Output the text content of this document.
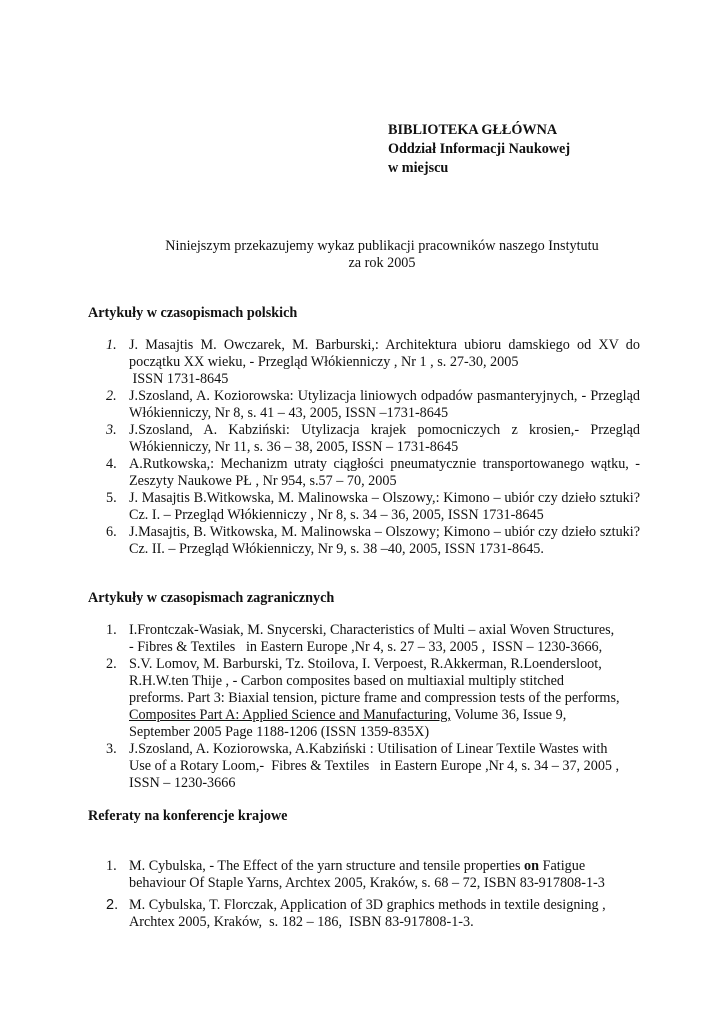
BIBLIOTEKA GŁŁÓWNA
Oddział Informacji Naukowej
w miejscu
Niniejszym przekazujemy wykaz publikacji pracowników naszego Instytutu
za rok 2005
Artykuły w czasopismach polskich
1. J. Masajtis M. Owczarek, M. Barburski,: Architektura ubioru damskiego od XV do początku XX wieku, - Przegląd Włókienniczy , Nr 1 , s. 27-30, 2005
ISSN 1731-8645
2. J.Szosland, A. Koziorowska: Utylizacja liniowych odpadów pasmanteryjnych, - Przegląd Włókienniczy, Nr 8, s. 41 – 43, 2005, ISSN –1731-8645
3. J.Szosland, A. Kabziński: Utylizacja krajek pomocniczych z krosien,- Przegląd Włókienniczy, Nr 11, s. 36 – 38, 2005, ISSN – 1731-8645
4. A.Rutkowska,: Mechanizm utraty ciągłości pneumatycznie transportowanego wątku, - Zeszyty Naukowe PŁ , Nr 954, s.57 – 70, 2005
5. J. Masajtis B.Witkowska, M. Malinowska – Olszowy,: Kimono – ubiór czy dzieło sztuki? Cz. I. – Przegląd Włókienniczy , Nr 8, s. 34 – 36, 2005, ISSN 1731-8645
6. J.Masajtis, B. Witkowska, M. Malinowska – Olszowy; Kimono – ubiór czy dzieło sztuki? Cz. II. – Przegląd Włókienniczy, Nr 9, s. 38 –40, 2005, ISSN 1731-8645.
Artykuły w czasopismach zagranicznych
1. I.Frontczak-Wasiak, M. Snycerski, Characteristics of Multi – axial Woven Structures,
- Fibres & Textiles   in Eastern Europe ,Nr 4, s. 27 – 33, 2005 ,  ISSN – 1230-3666,
2. S.V. Lomov, M. Barburski, Tz. Stoilova, I. Verpoest, R.Akkerman, R.Loendersloot,
R.H.W.ten Thije , - Carbon composites based on multiaxial multiply stitched
preforms. Part 3: Biaxial tension, picture frame and compression tests of the performs,
Composites Part A: Applied Science and Manufacturing, Volume 36, Issue 9,
September 2005 Page 1188-1206 (ISSN 1359-835X)
3. J.Szosland, A. Koziorowska, A.Kabziński : Utilisation of Linear Textile Wastes with
Use of a Rotary Loom,-  Fibres & Textiles   in Eastern Europe ,Nr 4, s. 34 – 37, 2005 ,
ISSN – 1230-3666
Referaty na konferencje krajowe
1. M. Cybulska, - The Effect of the yarn structure and tensile properties on Fatigue
behaviour Of Staple Yarns, Archtex 2005, Kraków, s. 68 – 72, ISBN 83-917808-1-3
2. M. Cybulska, T. Florczak, Application of 3D graphics methods in textile designing ,
Archtex 2005, Kraków,  s. 182 – 186,  ISBN 83-917808-1-3.
